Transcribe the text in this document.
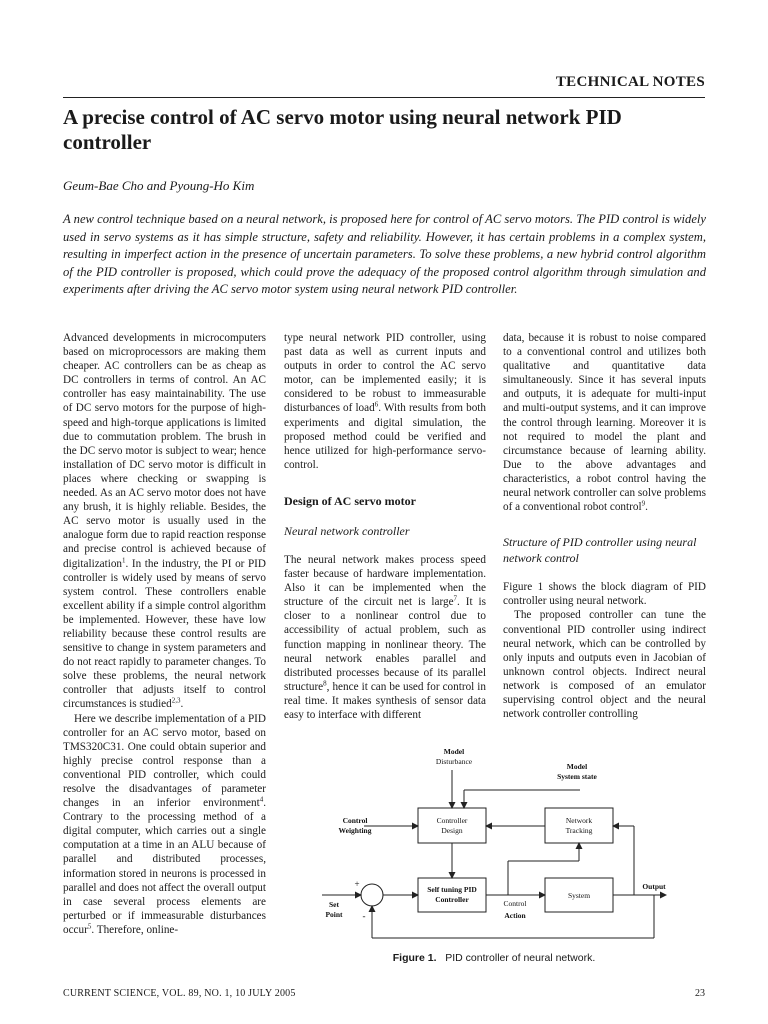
TECHNICAL NOTES
A precise control of AC servo motor using neural network PID controller
Geum-Bae Cho and Pyoung-Ho Kim
A new control technique based on a neural network, is proposed here for control of AC servo motors. The PID control is widely used in servo systems as it has simple structure, safety and reliability. However, it has certain problems in a complex system, resulting in imperfect action in the presence of uncertain parameters. To solve these problems, a new hybrid control algorithm of the PID controller is proposed, which could prove the adequacy of the proposed control algorithm through simulation and experiments after driving the AC servo motor system using neural network PID controller.

Advanced developments in microcomputers based on microprocessors are making them cheaper. AC controllers can be as cheap as DC controllers in terms of control. An AC controller has easy maintainability. The use of DC servo motors for the purpose of high-speed and high-torque applications is limited due to commutation problem. The brush in the DC servo motor is subject to wear; hence installation of DC servo motor is difficult in places where checking or swapping is needed. As an AC servo motor does not have any brush, it is highly reliable. Besides, the AC servo motor is usually used in the analogue form due to rapid reaction response and precise control is achieved because of digitalization$^1$. In the industry, the PI or PID controller is widely used by means of servo system control. These controllers enable excellent ability if a simple control algorithm be implemented. However, these have low reliability because these control results are sensitive to change in system parameters and do not react rapidly to parameter changes. To solve these problems, the neural network controller that adjusts itself to control circumstances is studied$^{2,3}$.

Here we describe implementation of a PID controller for an AC servo motor, based on TMS320C31. One could obtain superior and highly precise control response than a conventional PID controller, which could resolve the disadvantages of parameter changes in an inferior environment$^4$. Contrary to the processing method of a digital computer, which carries out a single computation at a time in an ALU because of parallel and distributed processes, information stored in neurons is processed in parallel and does not affect the overall output in case several process elements are perturbed or if immeasurable disturbances occur$^5$. Therefore, online-

type neural network PID controller, using past data as well as current inputs and outputs in order to control the AC servo motor, can be implemented easily; it is considered to be robust to immeasurable disturbances of load$^6$. With results from both experiments and digital simulation, the proposed method could be verified and hence utilized for high-performance servo-control.

Design of AC servo motor
Neural network controller

The neural network makes process speed faster because of hardware implementation. Also it can be implemented when the structure of the circuit net is large$^7$. It is closer to a nonlinear control due to accessibility of actual problem, such as function mapping in nonlinear theory. The neural network enables parallel and distributed processes because of its parallel structure$^8$, hence it can be used for control in real time. It makes synthesis of sensor data easy to interface with different

data, because it is robust to noise compared to a conventional control and utilizes both qualitative and quantitative data simultaneously. Since it has several inputs and outputs, it is adequate for multi-input and multi-output systems, and it can improve the control through learning. Moreover it is not required to model the plant and circumstance because of learning ability. Due to the above advantages and characteristics, a robot control having the neural network controller can solve problems of a conventional robot control$^9$.

Structure of PID controller using neural network control

Figure 1 shows the block diagram of PID controller using neural network.

The proposed controller can tune the conventional PID controller using indirect neural network, which can be controlled by only inputs and outputs even in Jacobian of unknown control objects. Indirect neural network is composed of an emulator supervising control object and the neural network controller controlling

Model
Disturbance
Model
System state
Control
Weighting
Controller
Design
Network
Tracking
Self tuning PID
Controller	System
Output
Set
Point
+
-
Control
Action
Figure 1. PID controller of neural network.
CURRENT SCIENCE, VOL. 89, NO. 1, 10 JULY 2005	23
